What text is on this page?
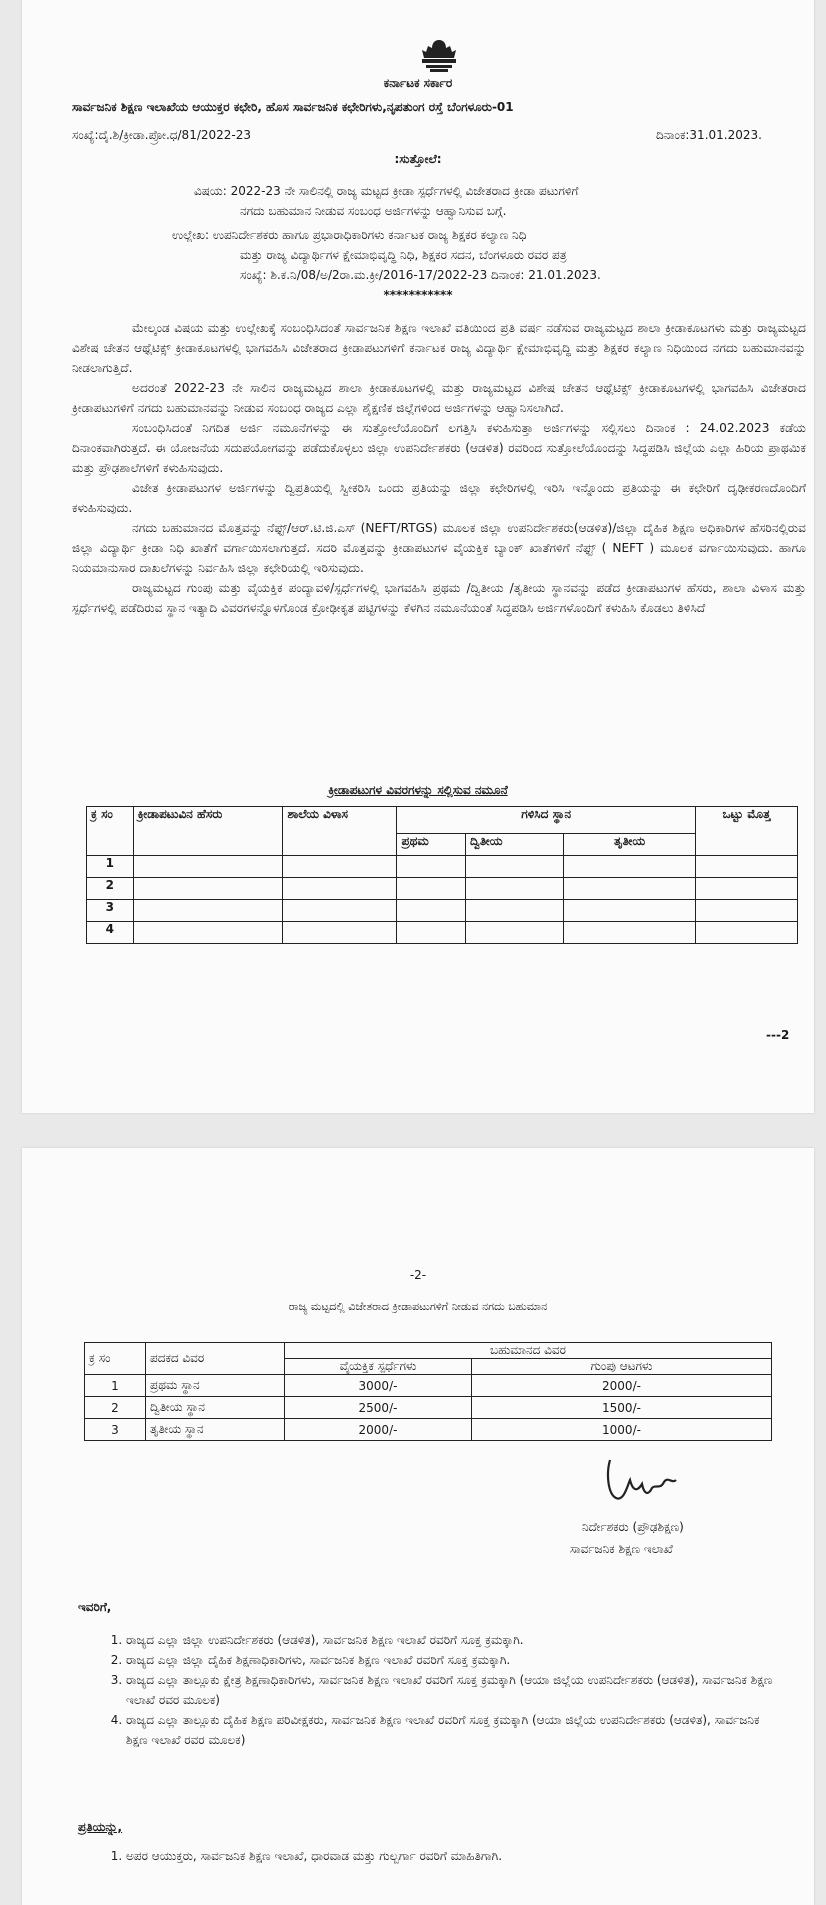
ಕರ್ನಾಟಕ ಸರ್ಕಾರ
ಸಾರ್ವಜನಿಕ ಶಿಕ್ಷಣ ಇಲಾಖೆಯ ಆಯುಕ್ತರ ಕಛೇರಿ, ಹೊಸ ಸಾರ್ವಜನಿಕ ಕಛೇರಿಗಳು,ನೃಪತುಂಗ ರಸ್ತೆ ಬೆಂಗಳೂರು-01
ಸಂಖ್ಯೆ:ದೈ.ಶಿ/ಕ್ರೀಡಾ.ಪ್ರೋ.ಧ/81/2022-23	ದಿನಾಂಕ:31.01.2023.
:ಸುತ್ತೋಲೆ:
ವಿಷಯ: 2022-23 ನೇ ಸಾಲಿನಲ್ಲಿ ರಾಜ್ಯ ಮಟ್ಟದ ಕ್ರೀಡಾ ಸ್ಪರ್ಧೆಗಳಲ್ಲಿ ವಿಜೇತರಾದ ಕ್ರೀಡಾ ಪಟುಗಳಿಗೆ
ನಗದು ಬಹುಮಾನ ನೀಡುವ ಸಂಬಂಧ ಅರ್ಜಿಗಳನ್ನು ಆಹ್ವಾನಿಸುವ ಬಗ್ಗೆ.
ಉಲ್ಲೇಖ: ಉಪನಿರ್ದೇಶಕರು ಹಾಗೂ ಪ್ರಭಾರಾಧಿಕಾರಿಗಳು ಕರ್ನಾಟಕ ರಾಜ್ಯ ಶಿಕ್ಷಕರ ಕಲ್ಯಾಣ ನಿಧಿ
ಮತ್ತು ರಾಜ್ಯ ವಿದ್ಯಾರ್ಥಿಗಳ ಕ್ಷೇಮಾಭಿವೃದ್ಧಿ ನಿಧಿ, ಶಿಕ್ಷಕರ ಸದನ, ಬೆಂಗಳೂರು ರವರ ಪತ್ರ
ಸಂಖ್ಯೆ: ಶಿ.ಕ.ನಿ/08/ಅ/2ರಾ.ಮ.ಕ್ರೀ/2016-17/2022-23 ದಿನಾಂಕ: 21.01.2023.
***********

ಮೇಲ್ಕಂಡ ವಿಷಯ ಮತ್ತು ಉಲ್ಲೇಖಕ್ಕೆ ಸಂಬಂಧಿಸಿದಂತೆ ಸಾರ್ವಜನಿಕ ಶಿಕ್ಷಣ ಇಲಾಖೆ ವತಿಯಿಂದ ಪ್ರತಿ ವರ್ಷ ನಡೆಸುವ ರಾಜ್ಯಮಟ್ಟದ ಶಾಲಾ ಕ್ರೀಡಾಕೂಟಗಳು ಮತ್ತು ರಾಜ್ಯಮಟ್ಟದ ವಿಶೇಷ ಚೇತನ ಆಥ್ಲೆಟಿಕ್ಸ್ ಕ್ರೀಡಾಕೂಟಗಳಲ್ಲಿ ಭಾಗವಹಿಸಿ ವಿಜೇತರಾದ ಕ್ರೀಡಾಪಟುಗಳಿಗೆ ಕರ್ನಾಟಕ ರಾಜ್ಯ ವಿದ್ಯಾರ್ಥಿ ಕ್ಷೇಮಾಭಿವೃದ್ಧಿ ಮತ್ತು ಶಿಕ್ಷಕರ ಕಲ್ಯಾಣ ನಿಧಿಯಿಂದ ನಗದು ಬಹುಮಾನವನ್ನು ನೀಡಲಾಗುತ್ತಿದೆ.

ಅದರಂತೆ 2022-23 ನೇ ಸಾಲಿನ ರಾಜ್ಯಮಟ್ಟದ ಶಾಲಾ ಕ್ರೀಡಾಕೂಟಗಳಲ್ಲಿ ಮತ್ತು ರಾಜ್ಯಮಟ್ಟದ ವಿಶೇಷ ಚೇತನ ಆಥ್ಲೆಟಿಕ್ಸ್ ಕ್ರೀಡಾಕೂಟಗಳಲ್ಲಿ ಭಾಗವಹಿಸಿ ವಿಜೇತರಾದ ಕ್ರೀಡಾಪಟುಗಳಿಗೆ ನಗದು ಬಹುಮಾನವನ್ನು ನೀಡುವ ಸಂಬಂಧ ರಾಜ್ಯದ ಎಲ್ಲಾ ಶೈಕ್ಷಣಿಕ ಜಿಲ್ಲೆಗಳಿಂದ ಅರ್ಜಿಗಳನ್ನು ಆಹ್ವಾನಿಸಲಾಗಿದೆ.

ಸಂಬಂಧಿಸಿದಂತೆ ನಿಗದಿತ ಅರ್ಜಿ ನಮೂನೆಗಳನ್ನು ಈ ಸುತ್ತೋಲೆಯೊಂದಿಗೆ ಲಗತ್ತಿಸಿ ಕಳುಹಿಸುತ್ತಾ ಅರ್ಜಿಗಳನ್ನು ಸಲ್ಲಿಸಲು ದಿನಾಂಕ : 24.02.2023 ಕಡೆಯ ದಿನಾಂಕವಾಗಿರುತ್ತದೆ. ಈ ಯೋಜನೆಯ ಸದುಪಯೋಗವನ್ನು ಪಡೆದುಕೊಳ್ಳಲು ಜಿಲ್ಲಾ ಉಪನಿರ್ದೇಶಕರು (ಆಡಳಿತ) ರವರಿಂದ ಸುತ್ತೋಲೆಯೊಂದನ್ನು ಸಿದ್ಧಪಡಿಸಿ ಜಿಲ್ಲೆಯ ಎಲ್ಲಾ ಹಿರಿಯ ಪ್ರಾಥಮಿಕ ಮತ್ತು ಪ್ರೌಢಶಾಲೆಗಳಿಗೆ ಕಳುಹಿಸುವುದು.

ವಿಜೇತ ಕ್ರೀಡಾಪಟುಗಳ ಅರ್ಜಿಗಳನ್ನು ದ್ವಿಪ್ರತಿಯಲ್ಲಿ ಸ್ವೀಕರಿಸಿ ಒಂದು ಪ್ರತಿಯನ್ನು ಜಿಲ್ಲಾ ಕಛೇರಿಗಳಲ್ಲಿ ಇರಿಸಿ ಇನ್ನೊಂದು ಪ್ರತಿಯನ್ನು ಈ ಕಛೇರಿಗೆ ದೃಢೀಕರಣದೊಂದಿಗೆ ಕಳುಹಿಸುವುದು.

ನಗದು ಬಹುಮಾನದ ಮೊತ್ತವನ್ನು ನೆಫ್ಟ್/ಆರ್.ಟಿ.ಜಿ.ಎಸ್ (NEFT/RTGS) ಮೂಲಕ ಜಿಲ್ಲಾ ಉಪನಿರ್ದೇಶಕರು(ಆಡಳಿತ)/ಜಿಲ್ಲಾ ದೈಹಿಕ ಶಿಕ್ಷಣ ಅಧಿಕಾರಿಗಳ ಹೆಸರಿನಲ್ಲಿರುವ ಜಿಲ್ಲಾ ವಿದ್ಯಾರ್ಥಿ ಕ್ರೀಡಾ ನಿಧಿ ಖಾತೆಗೆ ವರ್ಗಾಯಿಸಲಾಗುತ್ತದೆ. ಸದರಿ ಮೊತ್ತವನ್ನು ಕ್ರೀಡಾಪಟುಗಳ ವೈಯಕ್ತಿಕ ಬ್ಯಾಂಕ್ ಖಾತೆಗಳಿಗೆ ನೆಫ್ಟ್ ( NEFT ) ಮೂಲಕ ವರ್ಗಾಯಿಸುವುದು. ಹಾಗೂ ನಿಯಮಾನುಸಾರ ದಾಖಲೆಗಳನ್ನು ನಿರ್ವಹಿಸಿ ಜಿಲ್ಲಾ ಕಛೇರಿಯಲ್ಲಿ ಇರಿಸುವುದು.

ರಾಜ್ಯಮಟ್ಟದ ಗುಂಪು ಮತ್ತು ವೈಯಕ್ತಿಕ ಪಂದ್ಯಾವಳಿ/ಸ್ಪರ್ಧೆಗಳಲ್ಲಿ ಭಾಗವಹಿಸಿ ಪ್ರಥಮ /ದ್ವಿತೀಯ /ತೃತೀಯ ಸ್ಥಾನವನ್ನು ಪಡೆದ ಕ್ರೀಡಾಪಟುಗಳ ಹೆಸರು, ಶಾಲಾ ವಿಳಾಸ ಮತ್ತು ಸ್ಪರ್ಧೆಗಳಲ್ಲಿ ಪಡೆದಿರುವ ಸ್ಥಾನ ಇತ್ಯಾದಿ ವಿವರಗಳನ್ನೊಳಗೊಂಡ ಕ್ರೋಢೀಕೃತ ಪಟ್ಟಿಗಳನ್ನು ಕೆಳಗಿನ ನಮೂನೆಯಂತೆ ಸಿದ್ಧಪಡಿಸಿ ಅರ್ಜಿಗಳೊಂದಿಗೆ ಕಳುಹಿಸಿ ಕೊಡಲು ತಿಳಿಸಿದೆ

ಕ್ರೀಡಾಪಟುಗಳ ವಿವರಗಳನ್ನು ಸಲ್ಲಿಸುವ ನಮೂನೆ
ಕ್ರ ಸಂ	ಕ್ರೀಡಾಪಟುವಿನ ಹೆಸರು	ಶಾಲೆಯ ವಿಳಾಸ	ಗಳಿಸಿದ ಸ್ಥಾನ			ಒಟ್ಟು ಮೊತ್ತ
			ಪ್ರಥಮ	ದ್ವಿತೀಯ	ತೃತೀಯ	
1						
2						
3						
4						
---2
-2-
ರಾಜ್ಯ ಮಟ್ಟದಲ್ಲಿ ವಿಜೇತರಾದ ಕ್ರೀಡಾಪಟುಗಳಿಗೆ ನೀಡುವ ನಗದು ಬಹುಮಾನ
ಕ್ರ ಸಂ	ಪದಕದ ವಿವರ	ಬಹುಮಾನದ ವಿವರ	
		ವೈಯಕ್ತಿಕ ಸ್ಪರ್ಧೆಗಳು	ಗುಂಪು ಆಟಗಳು
1	ಪ್ರಥಮ ಸ್ಥಾನ	3000/-	2000/-
2	ದ್ವಿತೀಯ ಸ್ಥಾನ	2500/-	1500/-
3	ತೃತೀಯ ಸ್ಥಾನ	2000/-	1000/-
ನಿರ್ದೇಶಕರು (ಪ್ರೌಢಶಿಕ್ಷಣ)
ಸಾರ್ವಜನಿಕ ಶಿಕ್ಷಣ ಇಲಾಖೆ
ಇವರಿಗೆ,
1. ರಾಜ್ಯದ ಎಲ್ಲಾ ಜಿಲ್ಲಾ ಉಪನಿರ್ದೇಶಕರು (ಆಡಳಿತ), ಸಾರ್ವಜನಿಕ ಶಿಕ್ಷಣ ಇಲಾಖೆ ರವರಿಗೆ ಸೂಕ್ತ ಕ್ರಮಕ್ಕಾಗಿ.
2. ರಾಜ್ಯದ ಎಲ್ಲಾ ಜಿಲ್ಲಾ ದೈಹಿಕ ಶಿಕ್ಷಣಾಧಿಕಾರಿಗಳು, ಸಾರ್ವಜನಿಕ ಶಿಕ್ಷಣ ಇಲಾಖೆ ರವರಿಗೆ ಸೂಕ್ತ ಕ್ರಮಕ್ಕಾಗಿ.
3. ರಾಜ್ಯದ ಎಲ್ಲಾ ತಾಲ್ಲೂಕು ಕ್ಷೇತ್ರ ಶಿಕ್ಷಣಾಧಿಕಾರಿಗಳು, ಸಾರ್ವಜನಿಕ ಶಿಕ್ಷಣ ಇಲಾಖೆ ರವರಿಗೆ ಸೂಕ್ತ ಕ್ರಮಕ್ಕಾಗಿ (ಆಯಾ ಜಿಲ್ಲೆಯ ಉಪನಿರ್ದೇಶಕರು (ಆಡಳಿತ), ಸಾರ್ವಜನಿಕ ಶಿಕ್ಷಣ ಇಲಾಖೆ ರವರ ಮೂಲಕ)
4. ರಾಜ್ಯದ ಎಲ್ಲಾ ತಾಲ್ಲೂಕು ದೈಹಿಕ ಶಿಕ್ಷಣ ಪರಿವೀಕ್ಷಕರು, ಸಾರ್ವಜನಿಕ ಶಿಕ್ಷಣ ಇಲಾಖೆ ರವರಿಗೆ ಸೂಕ್ತ ಕ್ರಮಕ್ಕಾಗಿ (ಆಯಾ ಜಿಲ್ಲೆಯ ಉಪನಿರ್ದೇಶಕರು (ಆಡಳಿತ), ಸಾರ್ವಜನಿಕ ಶಿಕ್ಷಣ ಇಲಾಖೆ ರವರ ಮೂಲಕ)
ಪ್ರತಿಯನ್ನು,
1. ಅಪರ ಆಯುಕ್ತರು, ಸಾರ್ವಜನಿಕ ಶಿಕ್ಷಣ ಇಲಾಖೆ, ಧಾರವಾಡ ಮತ್ತು ಗುಲ್ಬರ್ಗಾ ರವರಿಗೆ ಮಾಹಿತಿಗಾಗಿ.
